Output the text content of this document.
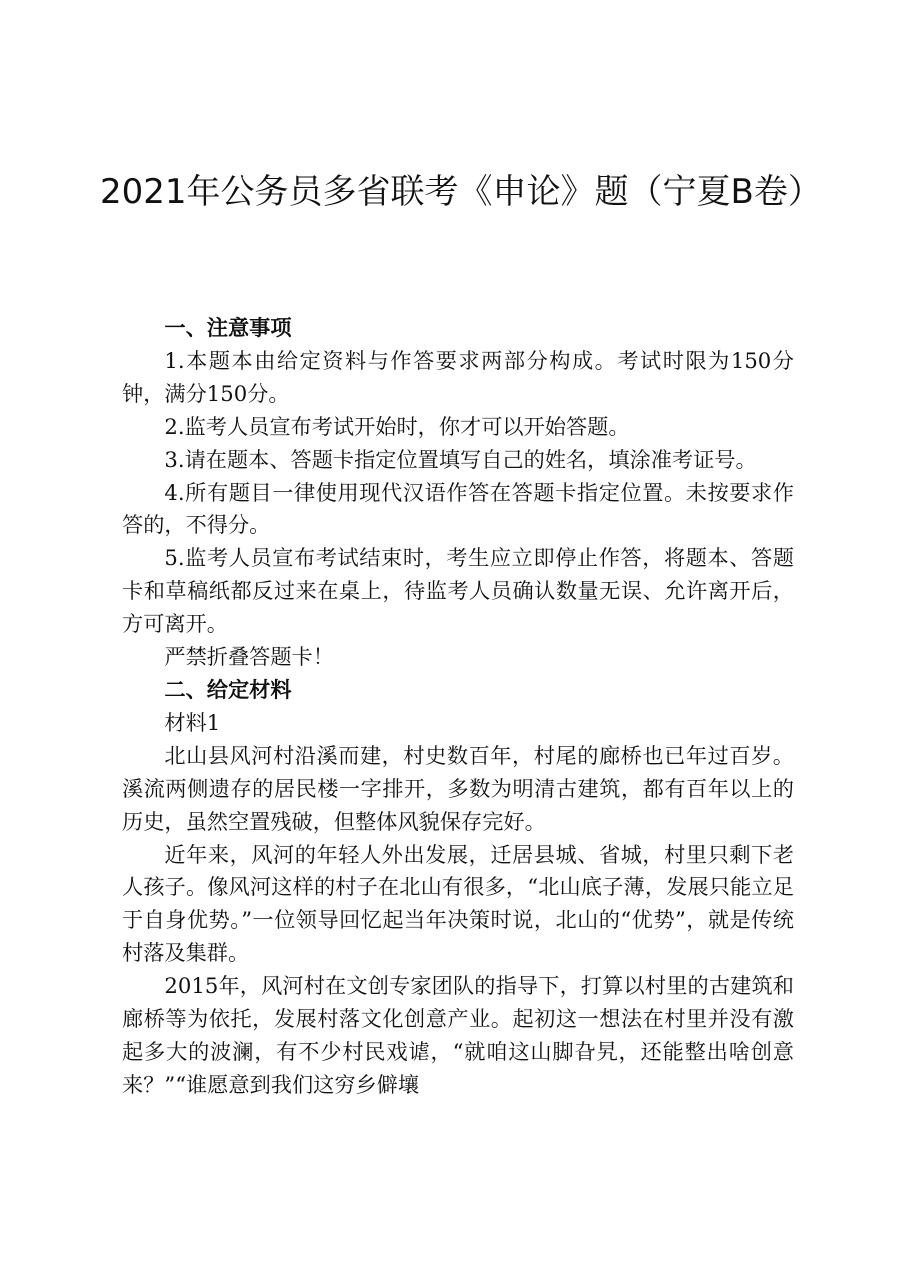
2021年公务员多省联考《申论》题（宁夏B卷）

一、注意事项

1.本题本由给定资料与作答要求两部分构成。考试时限为150分钟，满分150分。

2.监考人员宣布考试开始时，你才可以开始答题。

3.请在题本、答题卡指定位置填写自己的姓名，填涂准考证号。

4.所有题目一律使用现代汉语作答在答题卡指定位置。未按要求作答的，不得分。

5.监考人员宣布考试结束时，考生应立即停止作答，将题本、答题卡和草稿纸都反过来在桌上，待监考人员确认数量无误、允许离开后，方可离开。

严禁折叠答题卡！

二、给定材料

材料1

北山县风河村沿溪而建，村史数百年，村尾的廊桥也已年过百岁。溪流两侧遗存的居民楼一字排开，多数为明清古建筑，都有百年以上的历史，虽然空置残破，但整体风貌保存完好。

近年来，风河的年轻人外出发展，迁居县城、省城，村里只剩下老人孩子。像风河这样的村子在北山有很多，“北山底子薄，发展只能立足于自身优势。”一位领导回忆起当年决策时说，北山的“优势”，就是传统村落及集群。

2015年，风河村在文创专家团队的指导下，打算以村里的古建筑和廊桥等为依托，发展村落文化创意产业。起初这一想法在村里并没有激起多大的波澜，有不少村民戏谑，“就咱这山脚旮旯，还能整出啥创意来？”“谁愿意到我们这穷乡僻壤
